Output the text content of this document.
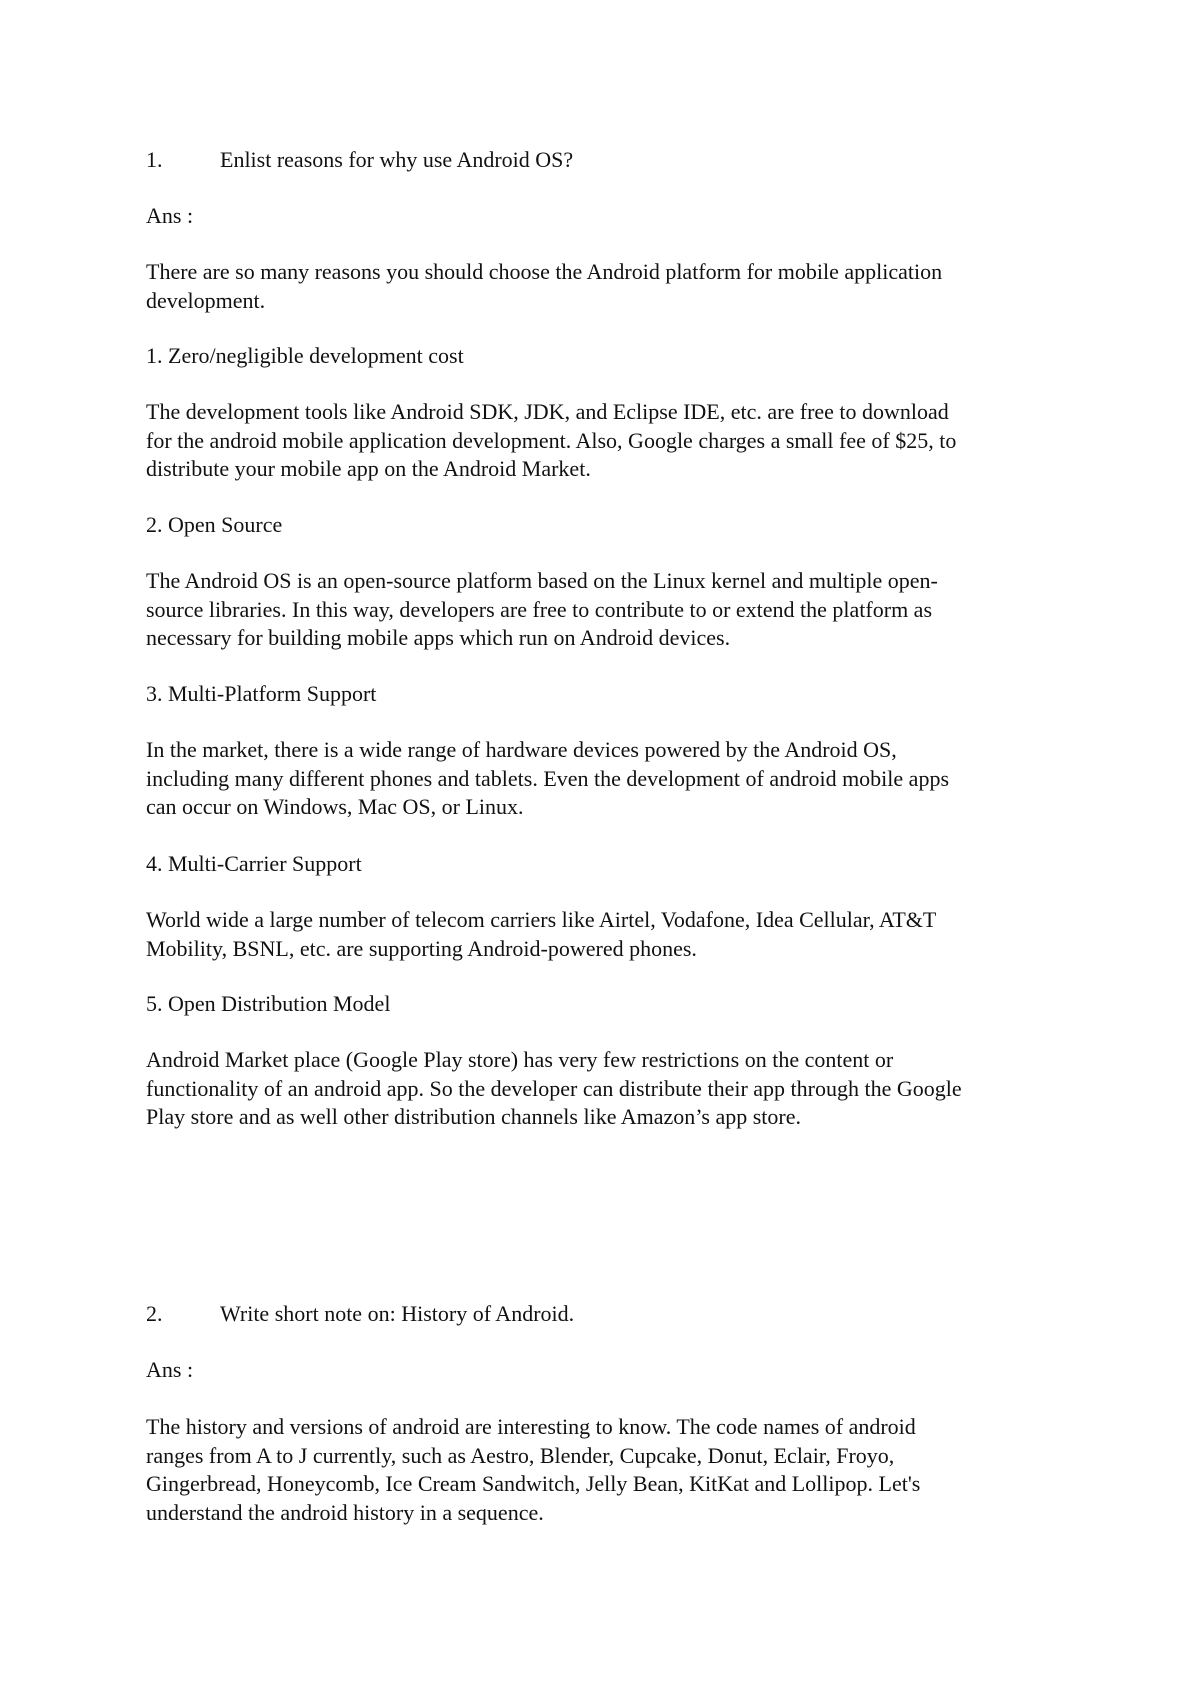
1.	Enlist reasons for why use Android OS?
Ans :
There are so many reasons you should choose the Android platform for mobile application
development.
1. Zero/negligible development cost
The development tools like Android SDK, JDK, and Eclipse IDE, etc. are free to download
for the android mobile application development. Also, Google charges a small fee of $25, to
distribute your mobile app on the Android Market.
2. Open Source
The Android OS is an open-source platform based on the Linux kernel and multiple open-
source libraries. In this way, developers are free to contribute to or extend the platform as
necessary for building mobile apps which run on Android devices.
3. Multi-Platform Support
In the market, there is a wide range of hardware devices powered by the Android OS,
including many different phones and tablets. Even the development of android mobile apps
can occur on Windows, Mac OS, or Linux.
4. Multi-Carrier Support
World wide a large number of telecom carriers like Airtel, Vodafone, Idea Cellular, AT&T
Mobility, BSNL, etc. are supporting Android-powered phones.
5. Open Distribution Model
Android Market place (Google Play store) has very few restrictions on the content or
functionality of an android app. So the developer can distribute their app through the Google
Play store and as well other distribution channels like Amazon’s app store.
2.	Write short note on: History of Android.
Ans :
The history and versions of android are interesting to know. The code names of android
ranges from A to J currently, such as Aestro, Blender, Cupcake, Donut, Eclair, Froyo,
Gingerbread, Honeycomb, Ice Cream Sandwitch, Jelly Bean, KitKat and Lollipop. Let's
understand the android history in a sequence.
